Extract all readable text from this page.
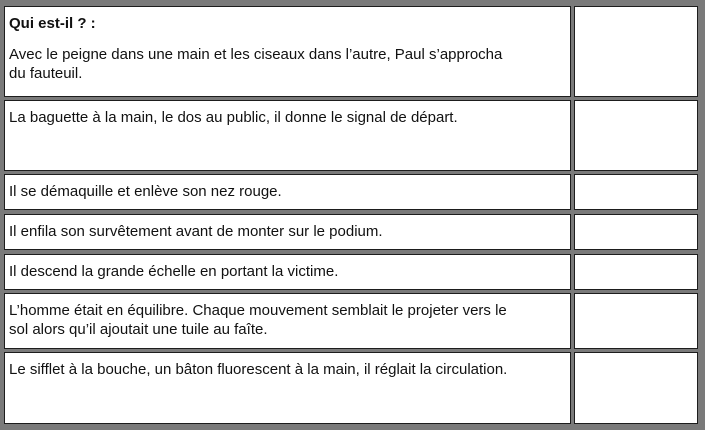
Qui est-il ? :
Avec le peigne dans une main et les ciseaux dans l’autre, Paul s’approcha
du fauteuil.
La baguette à la main, le dos au public, il donne le signal de départ.
Il se démaquille et enlève son nez rouge.
Il enfila son survêtement avant de monter sur le podium.
Il descend la grande échelle en portant la victime.
L’homme était en équilibre. Chaque mouvement semblait le projeter vers le
sol alors qu’il ajoutait une tuile au faîte.
Le sifflet à la bouche, un bâton fluorescent à la main, il réglait la circulation.
